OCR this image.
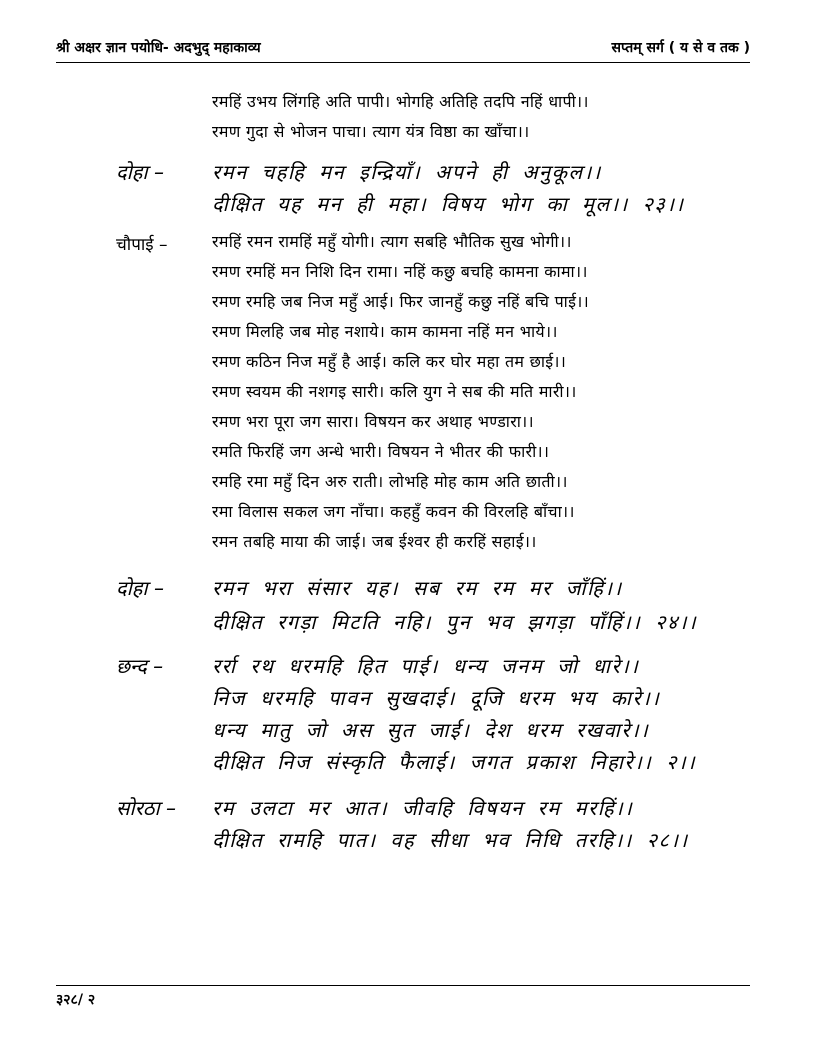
श्री अक्षर ज्ञान पयोधि- अदभुद् महाकाव्य	सप्तम् सर्ग ( य से व तक )
रमहिं उभय लिंगहि अति पापी। भोगहि अतिहि तदपि नहिं धापी।।
रमण गुदा से भोजन पाचा। त्याग यंत्र विष्ठा का खाँचा।।
दोहा – रमन चहहि मन इन्द्रियाँ। अपने ही अनुकूल।।
दीक्षित यह मन ही महा। विषय भोग का मूल।। २३।।
चौपाई –	रमहिं रमन रामहिं महुँ योगी। त्याग सबहि भौतिक सुख भोगी।।
रमण रमहिं मन निशि दिन रामा। नहिं कछु बचहि कामना कामा।।
रमण रमहि जब निज महुँ आई। फिर जानहुँ कछु नहिं बचि पाई।।
रमण मिलहि जब मोह नशाये। काम कामना नहिं मन भाये।।
रमण कठिन निज महुँ है आई। कलि कर घोर महा तम छाई।।
रमण स्वयम की नशगइ सारी। कलि युग ने सब की मति मारी।।
रमण भरा पूरा जग सारा। विषयन कर अथाह भण्डारा।।
रमति फिरहिं जग अन्धे भारी। विषयन ने भीतर की फारी।।
रमहि रमा महुँ दिन अरु राती। लोभहि मोह काम अति छाती।।
रमा विलास सकल जग नाँचा। कहहुँ कवन की विरलहि बाँचा।।
रमन तबहि माया की जाई। जब ईश्वर ही करहिं सहाई।।
दोहा – रमन भरा संसार यह। सब रम रम मर जाँहिं।।
दीक्षित रगड़ा मिटति नहि। पुन भव झगड़ा पाँहिं।। २४।।
छन्द – रर्रा रथ धरमहि हित पाई। धन्य जनम जो धारे।।
निज धरमहि पावन सुखदाई। दूजि धरम भय कारे।।
धन्य मातु जो अस सुत जाई। देश धरम रखवारे।।
दीक्षित निज संस्कृति फैलाई। जगत प्रकाश निहारे।। २।।
सोरठा – रम उलटा मर आत। जीवहि विषयन रम मरहिं।।
दीक्षित रामहि पात। वह सीधा भव निधि तरहि।। २८।।
३२८/ २
